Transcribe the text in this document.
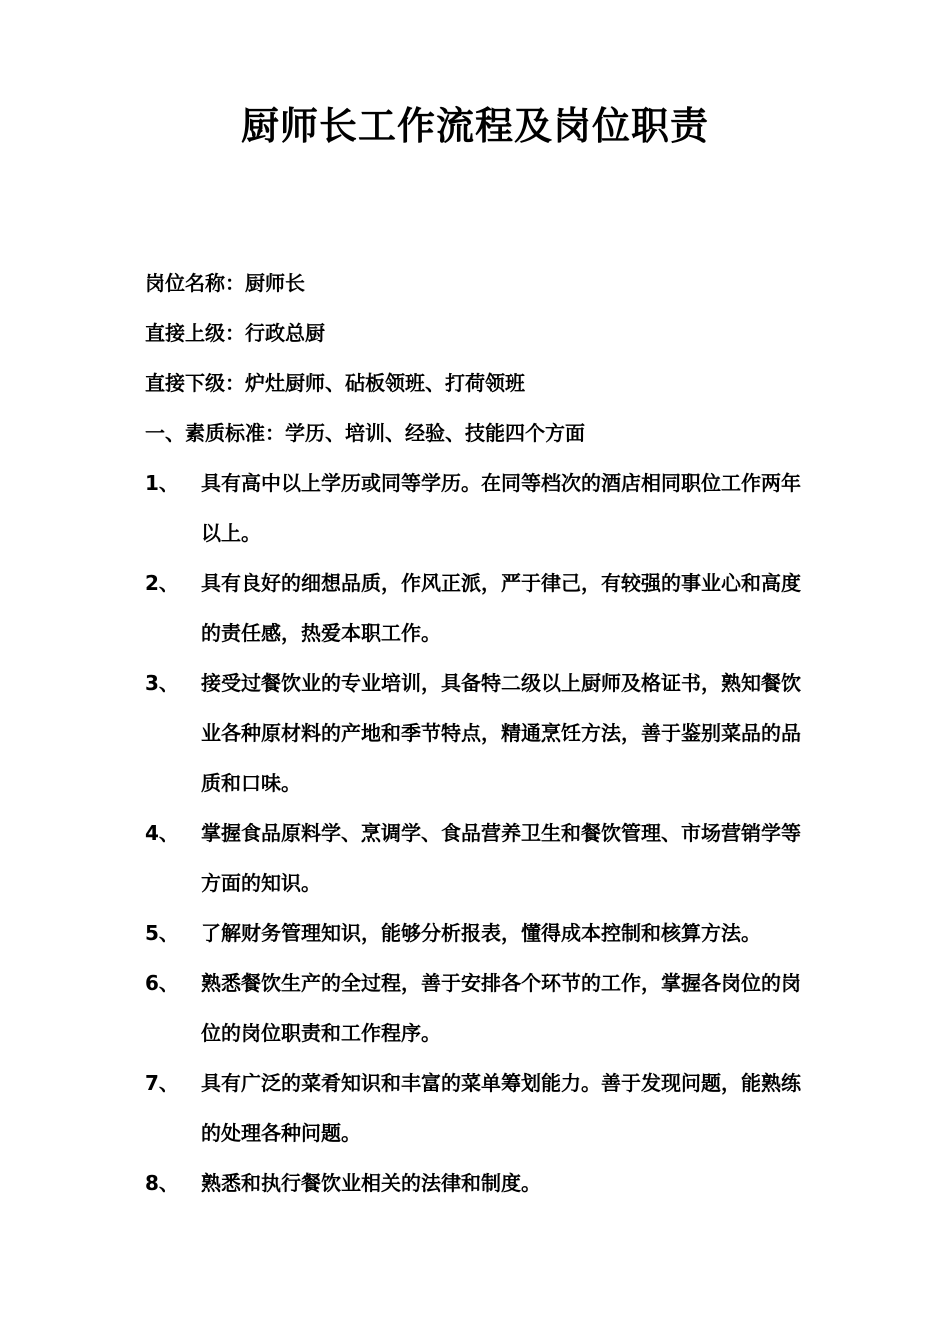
厨师长工作流程及岗位职责
岗位名称：厨师长
直接上级：行政总厨
直接下级：炉灶厨师、砧板领班、打荷领班
一、素质标准：学历、培训、经验、技能四个方面
1、	具有高中以上学历或同等学历。在同等档次的酒店相同职位工作两年以上。
2、	具有良好的细想品质，作风正派，严于律己，有较强的事业心和高度的责任感，热爱本职工作。
3、	接受过餐饮业的专业培训，具备特二级以上厨师及格证书，熟知餐饮业各种原材料的产地和季节特点，精通烹饪方法，善于鉴别菜品的品质和口味。
4、	掌握食品原料学、烹调学、食品营养卫生和餐饮管理、市场营销学等方面的知识。
5、	了解财务管理知识，能够分析报表，懂得成本控制和核算方法。
6、	熟悉餐饮生产的全过程，善于安排各个环节的工作，掌握各岗位的岗位的岗位职责和工作程序。
7、	具有广泛的菜肴知识和丰富的菜单筹划能力。善于发现问题，能熟练的处理各种问题。
8、	熟悉和执行餐饮业相关的法律和制度。
